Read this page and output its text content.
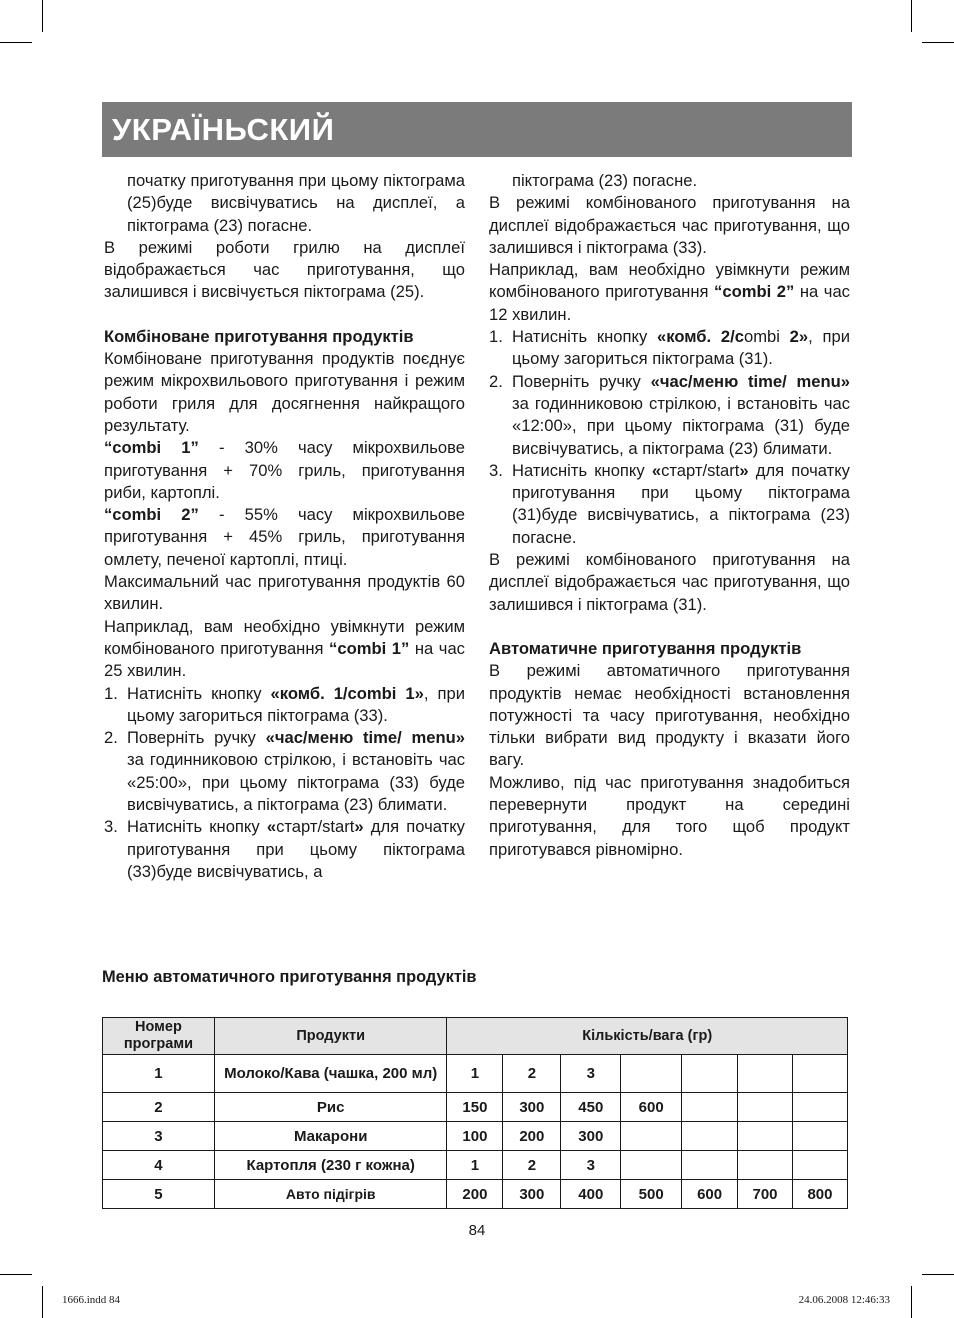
УКРАЇНЬСКИЙ

початку приготування при цьому піктограма (25)буде висвічуватись на дисплеї, а піктограма (23) погасне.

В режимі роботи грилю на дисплеї відображається час приготування, що залишився і висвічується піктограма (25).

Комбіноване приготування продуктів

Комбіноване приготування продуктів поєднує режим мікрохвильового приготування і режим роботи гриля для досягнення найкращого результату.

“combi 1” - 30% часу мікрохвильове приготування + 70% гриль, приготування риби, картоплі.

“combi 2” - 55% часу мікрохвильове приготування + 45% гриль, приготування омлету, печеної картоплі, птиці.

Максимальний час приготування продуктів 60 хвилин.

Наприклад, вам необхідно увімкнути режим комбінованого приготування “combi 1” на час 25 хвилин.

1. Натисніть кнопку «комб. 1/combi 1», при цьому загориться піктограма (33).
2. Поверніть ручку «час/меню time/ menu» за годинниковою стрілкою, і встановіть час «25:00», при цьому піктограма (33) буде висвічуватись, а піктограма (23) блимати.
3. Натисніть кнопку «старт/start» для початку приготування при цьому піктограма (33)буде висвічуватись, а

піктограма (23) погасне.

В режимі комбінованого приготування на дисплеї відображається час приготування, що залишився і піктограма (33).

Наприклад, вам необхідно увімкнути режим комбінованого приготування “combi 2” на час 12 хвилин.

1. Натисніть кнопку «комб. 2/combi 2», при цьому загориться піктограма (31).
2. Поверніть ручку «час/меню time/ menu» за годинниковою стрілкою, і встановіть час «12:00», при цьому піктограма (31) буде висвічуватись, а піктограма (23) блимати.
3. Натисніть кнопку «старт/start» для початку приготування при цьому піктограма (31)буде висвічуватись, а піктограма (23) погасне.

В режимі комбінованого приготування на дисплеї відображається час приготування, що залишився і піктограма (31).

Автоматичне приготування продуктів

В режимі автоматичного приготування продуктів немає необхідності встановлення потужності та часу приготування, необхідно тільки вибрати вид продукту і вказати його вагу.

Можливо, під час приготування знадобиться перевернути продукт на середині приготування, для того щоб продукт приготувався рівномірно.

Меню автоматичного приготування продуктів
Номер програми	Продукти	Кількість/вага (гр)						
1	Молоко/Кава (чашка, 200 мл)	1	2	3				
2	Рис	150	300	450	600			
3	Макарони	100	200	300				
4	Картопля (230 г кожна)	1	2	3				
5	Авто підігрів	200	300	400	500	600	700	800
84
1666.indd 84	24.06.2008 12:46:33
